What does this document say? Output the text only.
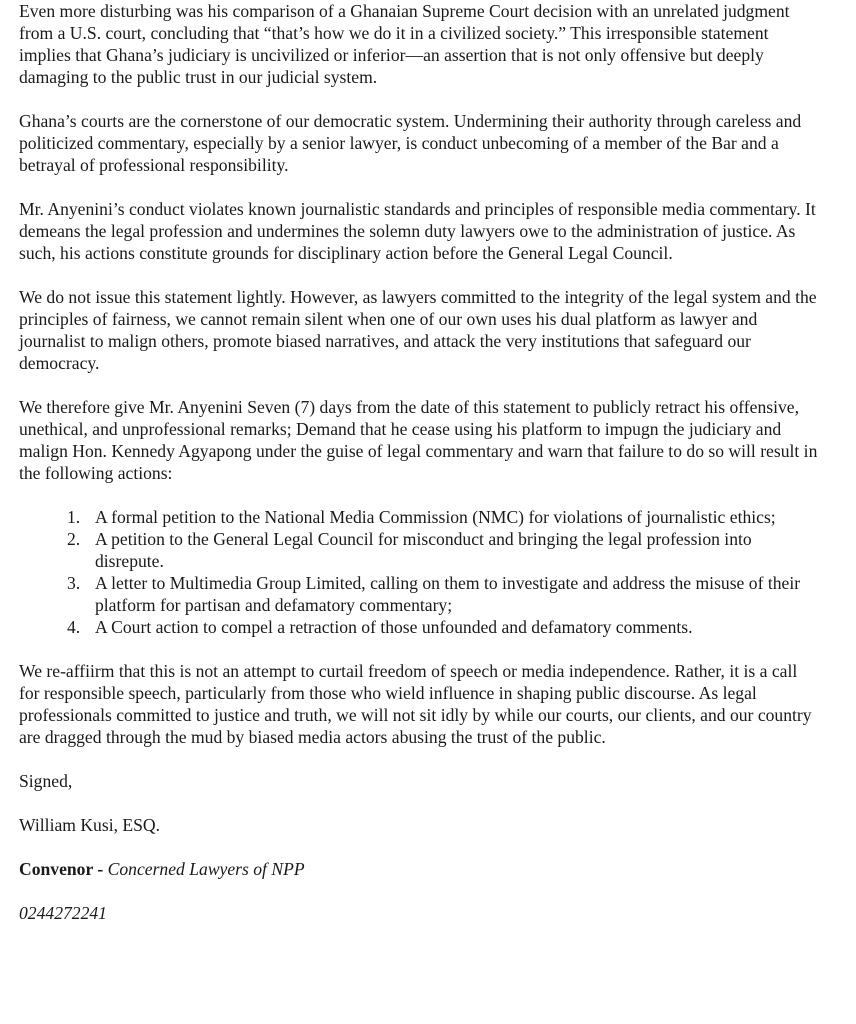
Even more disturbing was his comparison of a Ghanaian Supreme Court decision with an unrelated judgment from a U.S. court, concluding that “that’s how we do it in a civilized society.” This irresponsible statement implies that Ghana’s judiciary is uncivilized or inferior—an assertion that is not only offensive but deeply damaging to the public trust in our judicial system.

Ghana’s courts are the cornerstone of our democratic system. Undermining their authority through careless and politicized commentary, especially by a senior lawyer, is conduct unbecoming of a member of the Bar and a betrayal of professional responsibility.

Mr. Anyenini’s conduct violates known journalistic standards and principles of responsible media commentary. It demeans the legal profession and undermines the solemn duty lawyers owe to the administration of justice. As such, his actions constitute grounds for disciplinary action before the General Legal Council.

We do not issue this statement lightly. However, as lawyers committed to the integrity of the legal system and the principles of fairness, we cannot remain silent when one of our own uses his dual platform as lawyer and journalist to malign others, promote biased narratives, and attack the very institutions that safeguard our democracy.

We therefore give Mr. Anyenini Seven (7) days from the date of this statement to publicly retract his offensive, unethical, and unprofessional remarks; Demand that he cease using his platform to impugn the judiciary and malign Hon. Kennedy Agyapong under the guise of legal commentary and warn that failure to do so will result in the following actions:

1. A formal petition to the National Media Commission (NMC) for violations of journalistic ethics;
2. A petition to the General Legal Council for misconduct and bringing the legal profession into disrepute.
3. A letter to Multimedia Group Limited, calling on them to investigate and address the misuse of their platform for partisan and defamatory commentary;
4. A Court action to compel a retraction of those unfounded and defamatory comments.

We re-affiirm that this is not an attempt to curtail freedom of speech or media independence. Rather, it is a call for responsible speech, particularly from those who wield influence in shaping public discourse. As legal professionals committed to justice and truth, we will not sit idly by while our courts, our clients, and our country are dragged through the mud by biased media actors abusing the trust of the public.

Signed,

William Kusi, ESQ.

Convenor - Concerned Lawyers of NPP

0244272241
